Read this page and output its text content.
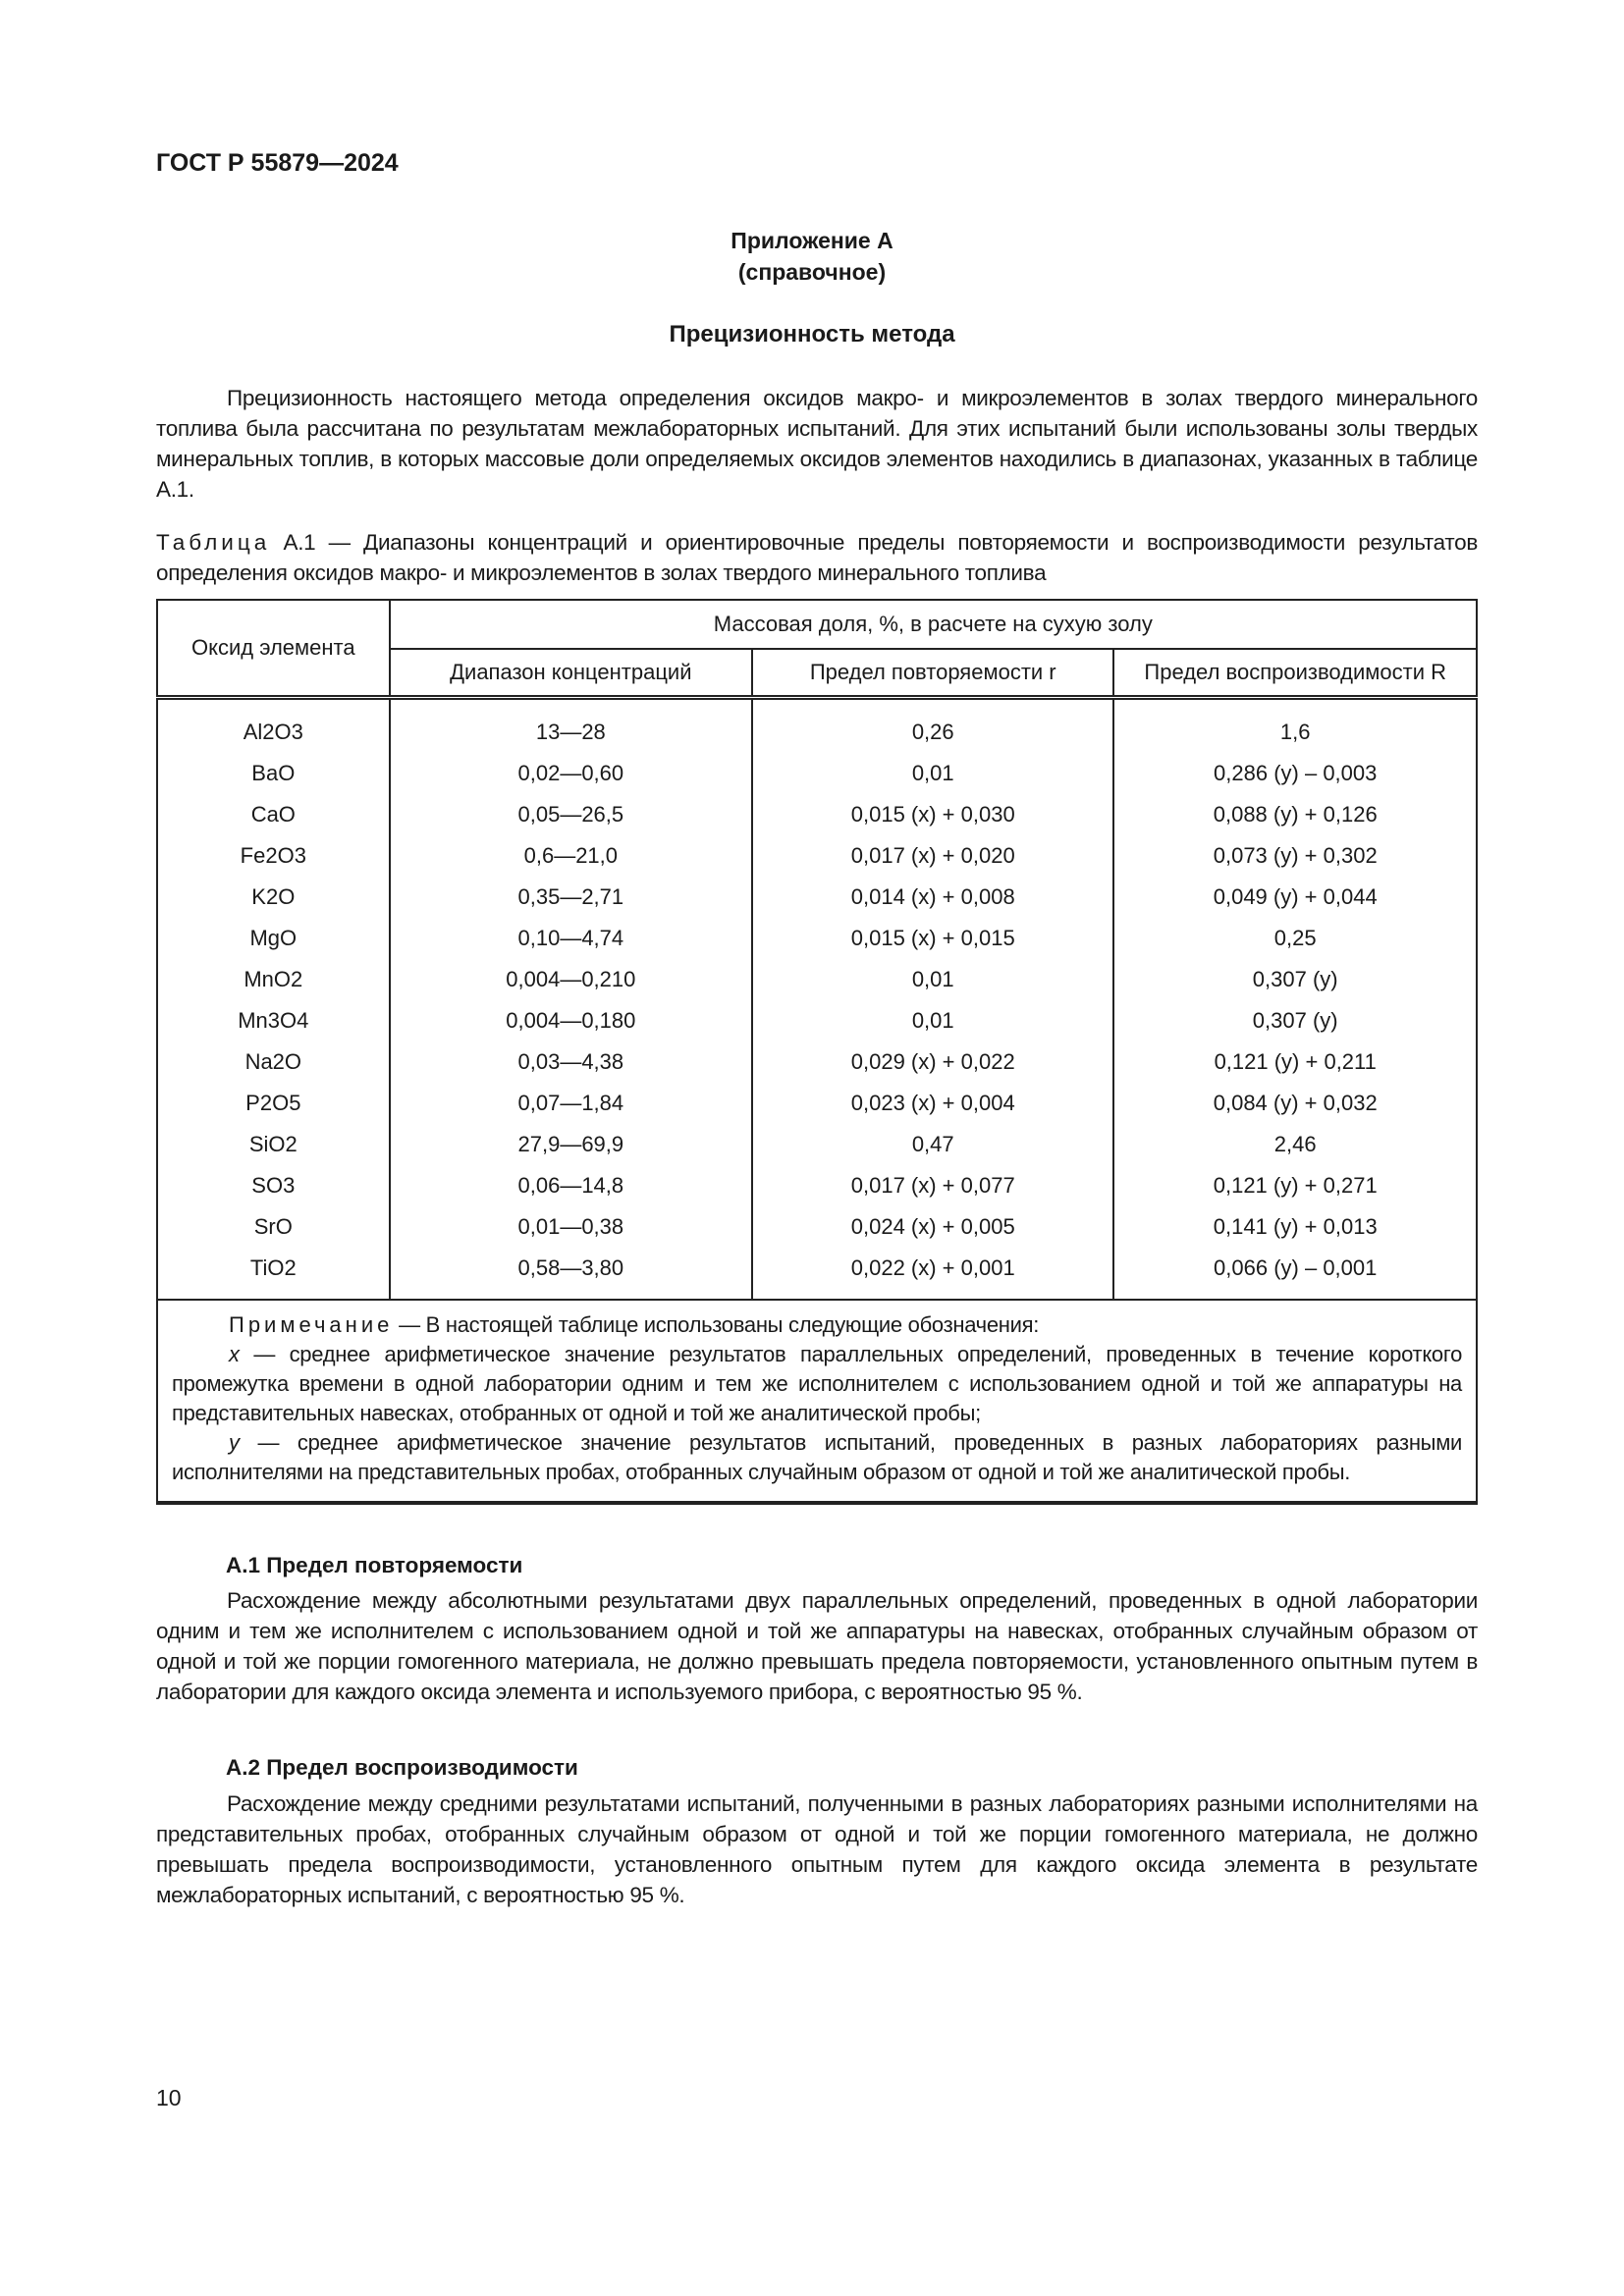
ГОСТ Р 55879—2024
Приложение А
(справочное)
Прецизионность метода
Прецизионность настоящего метода определения оксидов макро- и микроэлементов в золах твердого минерального топлива была рассчитана по результатам межлабораторных испытаний. Для этих испытаний были использованы золы твердых минеральных топлив, в которых массовые доли определяемых оксидов элементов находились в диапазонах, указанных в таблице А.1.
Таблица А.1 — Диапазоны концентраций и ориентировочные пределы повторяемости и воспроизводимости результатов определения оксидов макро- и микроэлементов в золах твердого минерального топлива
Оксид элемента	Массовая доля, %, в расчете на сухую золу		
	Диапазон концентраций	Предел повторяемости r	Предел воспроизводимости R
Al2O3	13—28	0,26	1,6
BaO	0,02—0,60	0,01	0,286 (y) – 0,003
CaO	0,05—26,5	0,015 (x) + 0,030	0,088 (y) + 0,126
Fe2O3	0,6—21,0	0,017 (x) + 0,020	0,073 (y) + 0,302
K2O	0,35—2,71	0,014 (x) + 0,008	0,049 (y) + 0,044
MgO	0,10—4,74	0,015 (x) + 0,015	0,25
MnO2	0,004—0,210	0,01	0,307 (y)
Mn3O4	0,004—0,180	0,01	0,307 (y)
Na2O	0,03—4,38	0,029 (x) + 0,022	0,121 (y) + 0,211
P2O5	0,07—1,84	0,023 (x) + 0,004	0,084 (y) + 0,032
SiO2	27,9—69,9	0,47	2,46
SO3	0,06—14,8	0,017 (x) + 0,077	0,121 (y) + 0,271
SrO	0,01—0,38	0,024 (x) + 0,005	0,141 (y) + 0,013
TiO2	0,58—3,80	0,022 (x) + 0,001	0,066 (y) – 0,001
Примечание — В настоящей таблице использованы следующие обозначения:
x — среднее арифметическое значение результатов параллельных определений, проведенных в течение короткого промежутка времени в одной лаборатории одним и тем же исполнителем с использованием одной и той же аппаратуры на представительных навесках, отобранных от одной и той же аналитической пробы;
y — среднее арифметическое значение результатов испытаний, проведенных в разных лабораториях разными исполнителями на представительных пробах, отобранных случайным образом от одной и той же аналитической пробы.			
А.1 Предел повторяемости
Расхождение между абсолютными результатами двух параллельных определений, проведенных в одной лаборатории одним и тем же исполнителем с использованием одной и той же аппаратуры на навесках, отобранных случайным образом от одной и той же порции гомогенного материала, не должно превышать предела повторяемости, установленного опытным путем в лаборатории для каждого оксида элемента и используемого прибора, с вероятностью 95 %.
А.2 Предел воспроизводимости
Расхождение между средними результатами испытаний, полученными в разных лабораториях разными исполнителями на представительных пробах, отобранных случайным образом от одной и той же порции гомогенного материала, не должно превышать предела воспроизводимости, установленного опытным путем для каждого оксида элемента в результате межлабораторных испытаний, с вероятностью 95 %.
10
